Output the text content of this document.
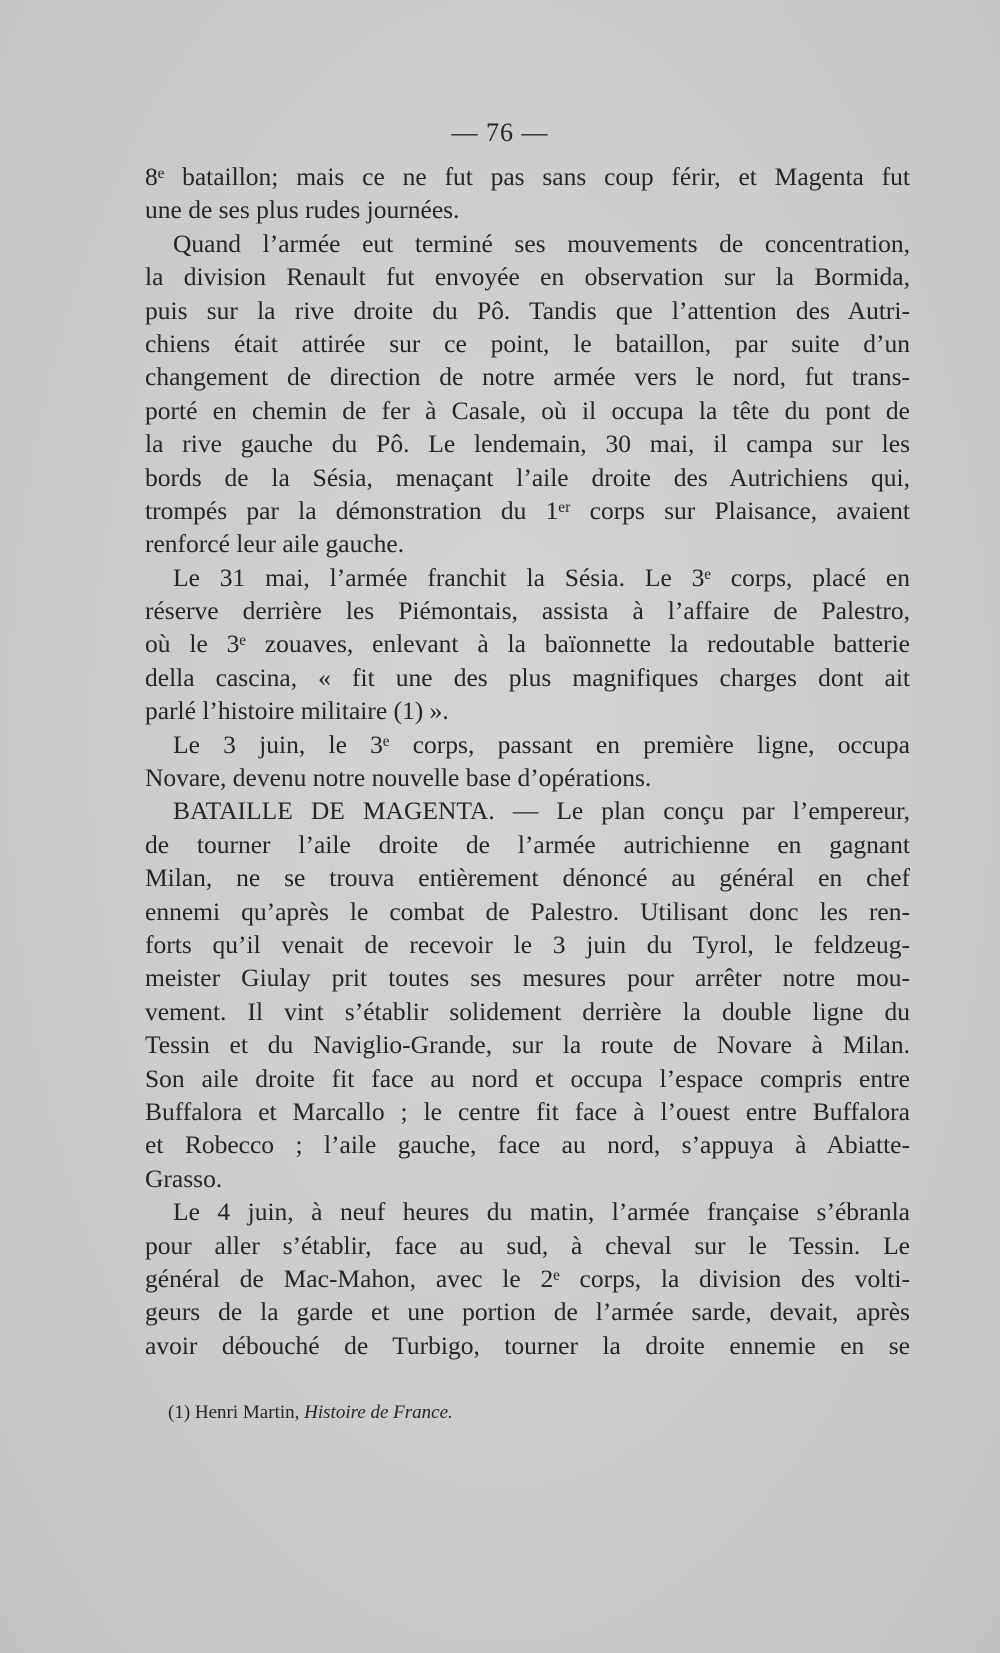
— 76 —
8ᵉ bataillon; mais ce ne fut pas sans coup férir, et Magenta fut
une de ses plus rudes journées.
Quand l’armée eut terminé ses mouvements de concentration,
la division Renault fut envoyée en observation sur la Bormida,
puis sur la rive droite du Pô. Tandis que l’attention des Autri-
chiens était attirée sur ce point, le bataillon, par suite d’un
changement de direction de notre armée vers le nord, fut trans-
porté en chemin de fer à Casale, où il occupa la tête du pont de
la rive gauche du Pô. Le lendemain, 30 mai, il campa sur les
bords de la Sésia, menaçant l’aile droite des Autrichiens qui,
trompés par la démonstration du 1ᵉʳ corps sur Plaisance, avaient
renforcé leur aile gauche.
Le 31 mai, l’armée franchit la Sésia. Le 3ᵉ corps, placé en
réserve derrière les Piémontais, assista à l’affaire de Palestro,
où le 3ᵉ zouaves, enlevant à la baïonnette la redoutable batterie
della cascina, « fit une des plus magnifiques charges dont ait
parlé l’histoire militaire (1) ».
Le 3 juin, le 3ᵉ corps, passant en première ligne, occupa
Novare, devenu notre nouvelle base d’opérations.
BATAILLE DE MAGENTA. — Le plan conçu par l’empereur,
de tourner l’aile droite de l’armée autrichienne en gagnant
Milan, ne se trouva entièrement dénoncé au général en chef
ennemi qu’après le combat de Palestro. Utilisant donc les ren-
forts qu’il venait de recevoir le 3 juin du Tyrol, le feldzeug-
meister Giulay prit toutes ses mesures pour arrêter notre mou-
vement. Il vint s’établir solidement derrière la double ligne du
Tessin et du Naviglio-Grande, sur la route de Novare à Milan.
Son aile droite fit face au nord et occupa l’espace compris entre
Buffalora et Marcallo ; le centre fit face à l’ouest entre Buffalora
et Robecco ; l’aile gauche, face au nord, s’appuya à Abiatte-
Grasso.
Le 4 juin, à neuf heures du matin, l’armée française s’ébranla
pour aller s’établir, face au sud, à cheval sur le Tessin. Le
général de Mac-Mahon, avec le 2ᵉ corps, la division des volti-
geurs de la garde et une portion de l’armée sarde, devait, après
avoir débouché de Turbigo, tourner la droite ennemie en se
(1) Henri Martin, Histoire de France.
